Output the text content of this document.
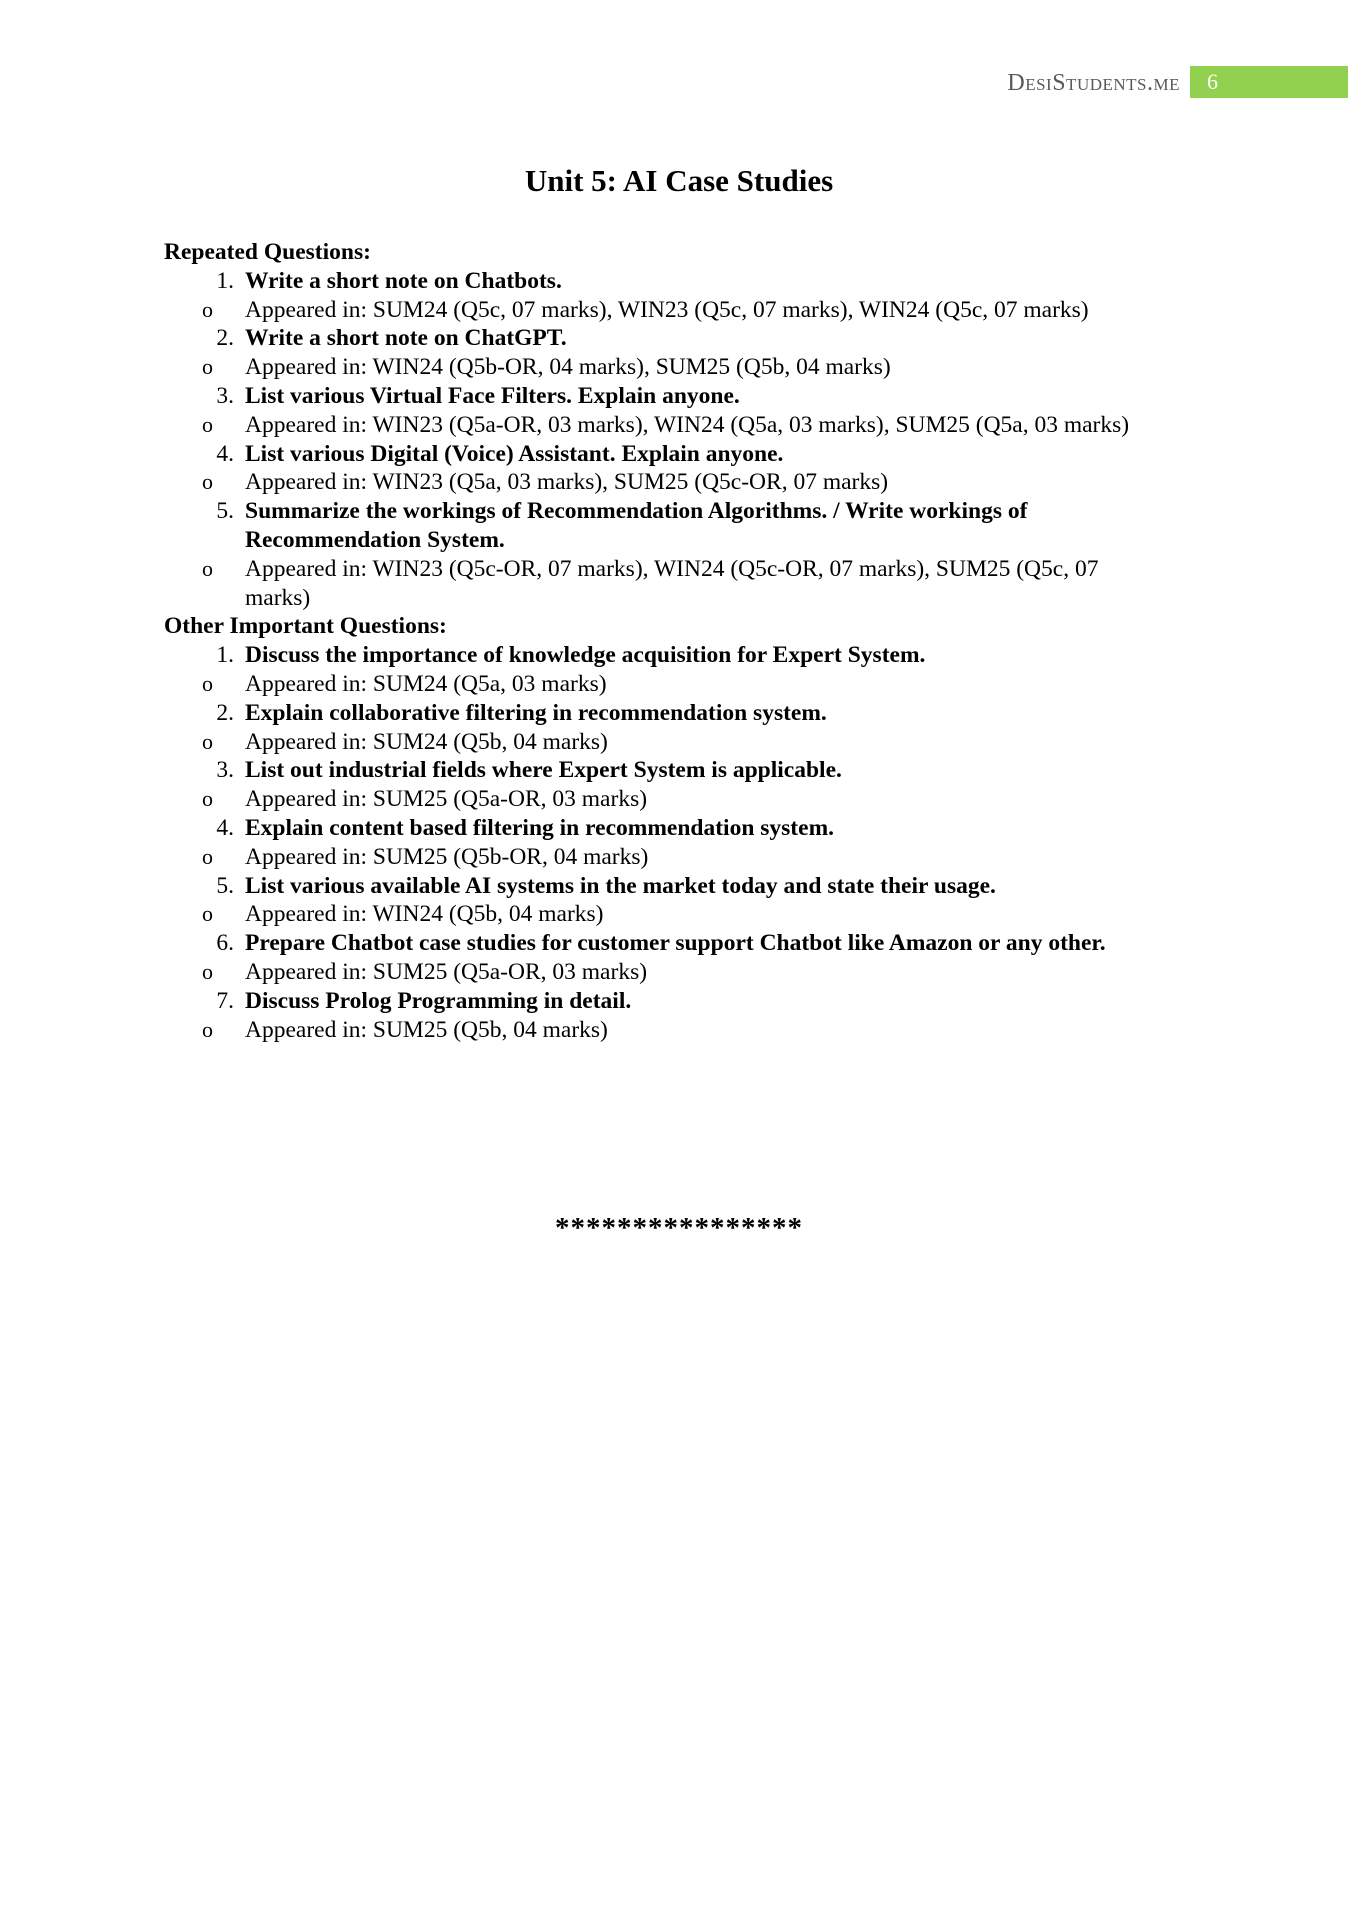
DesiStudents.me	6
Unit 5: AI Case Studies
Repeated Questions:
1. Write a short note on Chatbots.
o Appeared in: SUM24 (Q5c, 07 marks), WIN23 (Q5c, 07 marks), WIN24 (Q5c, 07 marks)
2. Write a short note on ChatGPT.
o Appeared in: WIN24 (Q5b-OR, 04 marks), SUM25 (Q5b, 04 marks)
3. List various Virtual Face Filters. Explain anyone.
o Appeared in: WIN23 (Q5a-OR, 03 marks), WIN24 (Q5a, 03 marks), SUM25 (Q5a, 03 marks)
4. List various Digital (Voice) Assistant. Explain anyone.
o Appeared in: WIN23 (Q5a, 03 marks), SUM25 (Q5c-OR, 07 marks)
5. Summarize the workings of Recommendation Algorithms. / Write workings of Recommendation System.
o Appeared in: WIN23 (Q5c-OR, 07 marks), WIN24 (Q5c-OR, 07 marks), SUM25 (Q5c, 07 marks)
Other Important Questions:
1. Discuss the importance of knowledge acquisition for Expert System.
o Appeared in: SUM24 (Q5a, 03 marks)
2. Explain collaborative filtering in recommendation system.
o Appeared in: SUM24 (Q5b, 04 marks)
3. List out industrial fields where Expert System is applicable.
o Appeared in: SUM25 (Q5a-OR, 03 marks)
4. Explain content based filtering in recommendation system.
o Appeared in: SUM25 (Q5b-OR, 04 marks)
5. List various available AI systems in the market today and state their usage.
o Appeared in: WIN24 (Q5b, 04 marks)
6. Prepare Chatbot case studies for customer support Chatbot like Amazon or any other.
o Appeared in: SUM25 (Q5a-OR, 03 marks)
7. Discuss Prolog Programming in detail.
o Appeared in: SUM25 (Q5b, 04 marks)
****************
